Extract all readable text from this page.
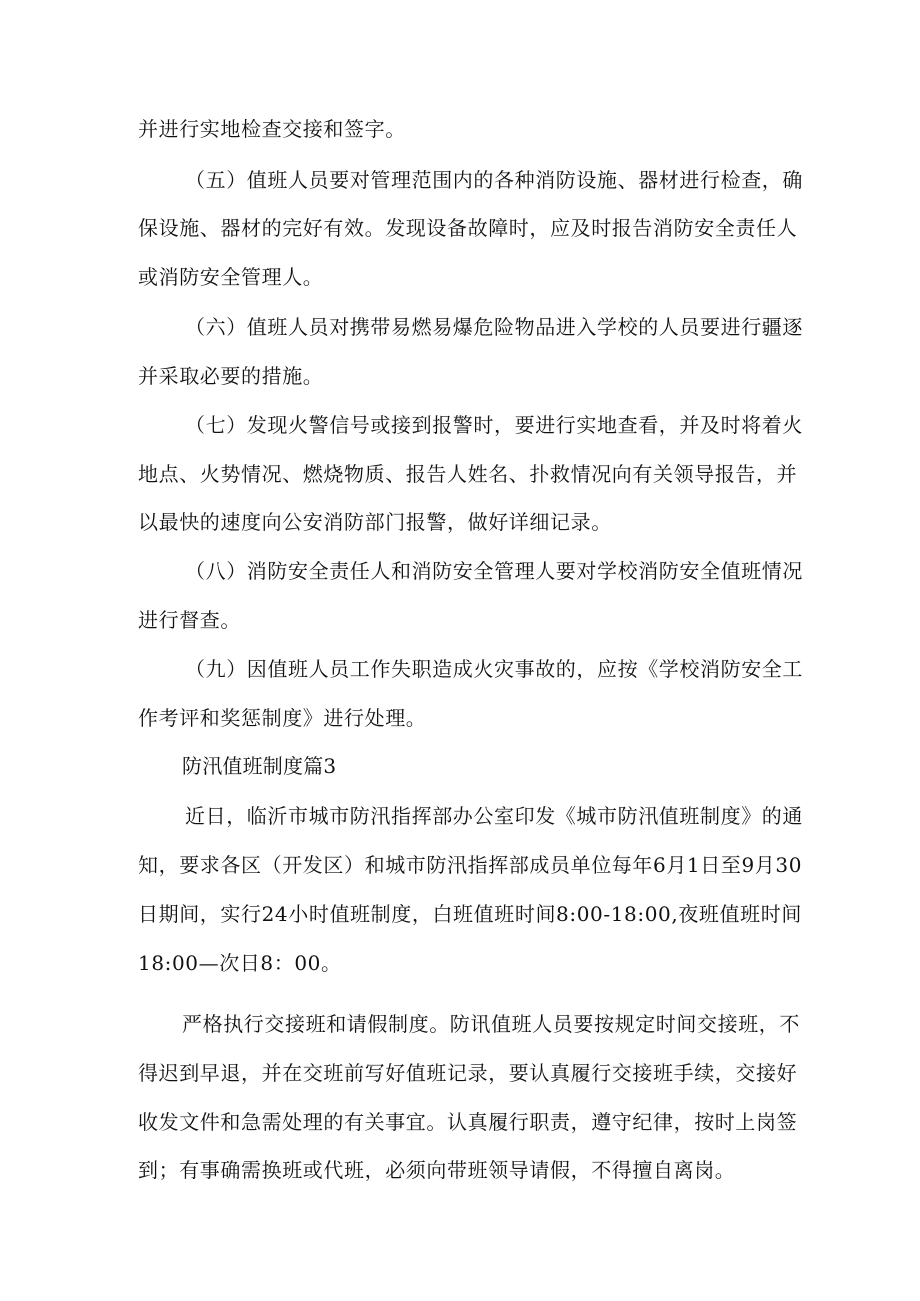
并进行实地检查交接和签字。
（五）值班人员要对管理范围内的各种消防设施、器材进行检查，确
保设施、器材的完好有效。发现设备故障时，应及时报告消防安全责任人
或消防安全管理人。
（六）值班人员对携带易燃易爆危险物品进入学校的人员要进行疆逐
并采取必要的措施。
（七）发现火警信号或接到报警时，要进行实地查看，并及时将着火
地点、火势情况、燃烧物质、报告人姓名、扑救情况向有关领导报告，并
以最快的速度向公安消防部门报警，做好详细记录。
（八）消防安全责任人和消防安全管理人要对学校消防安全值班情况
进行督查。
（九）因值班人员工作失职造成火灾事故的，应按《学校消防安全工
作考评和奖惩制度》进行处理。
防汛值班制度篇3
近日，临沂市城市防汛指挥部办公室印发《城市防汛值班制度》的通
知，要求各区（开发区）和城市防汛指挥部成员单位每年6月1日至9月30
日期间，实行24小时值班制度，白班值班时间8:00-18:00,夜班值班时间
18:00—次日8：00。
严格执行交接班和请假制度。防讯值班人员要按规定时间交接班，不
得迟到早退，并在交班前写好值班记录，要认真履行交接班手续，交接好
收发文件和急需处理的有关事宜。认真履行职责，遵守纪律，按时上岗签
到；有事确需换班或代班，必须向带班领导请假，不得擅自离岗。
